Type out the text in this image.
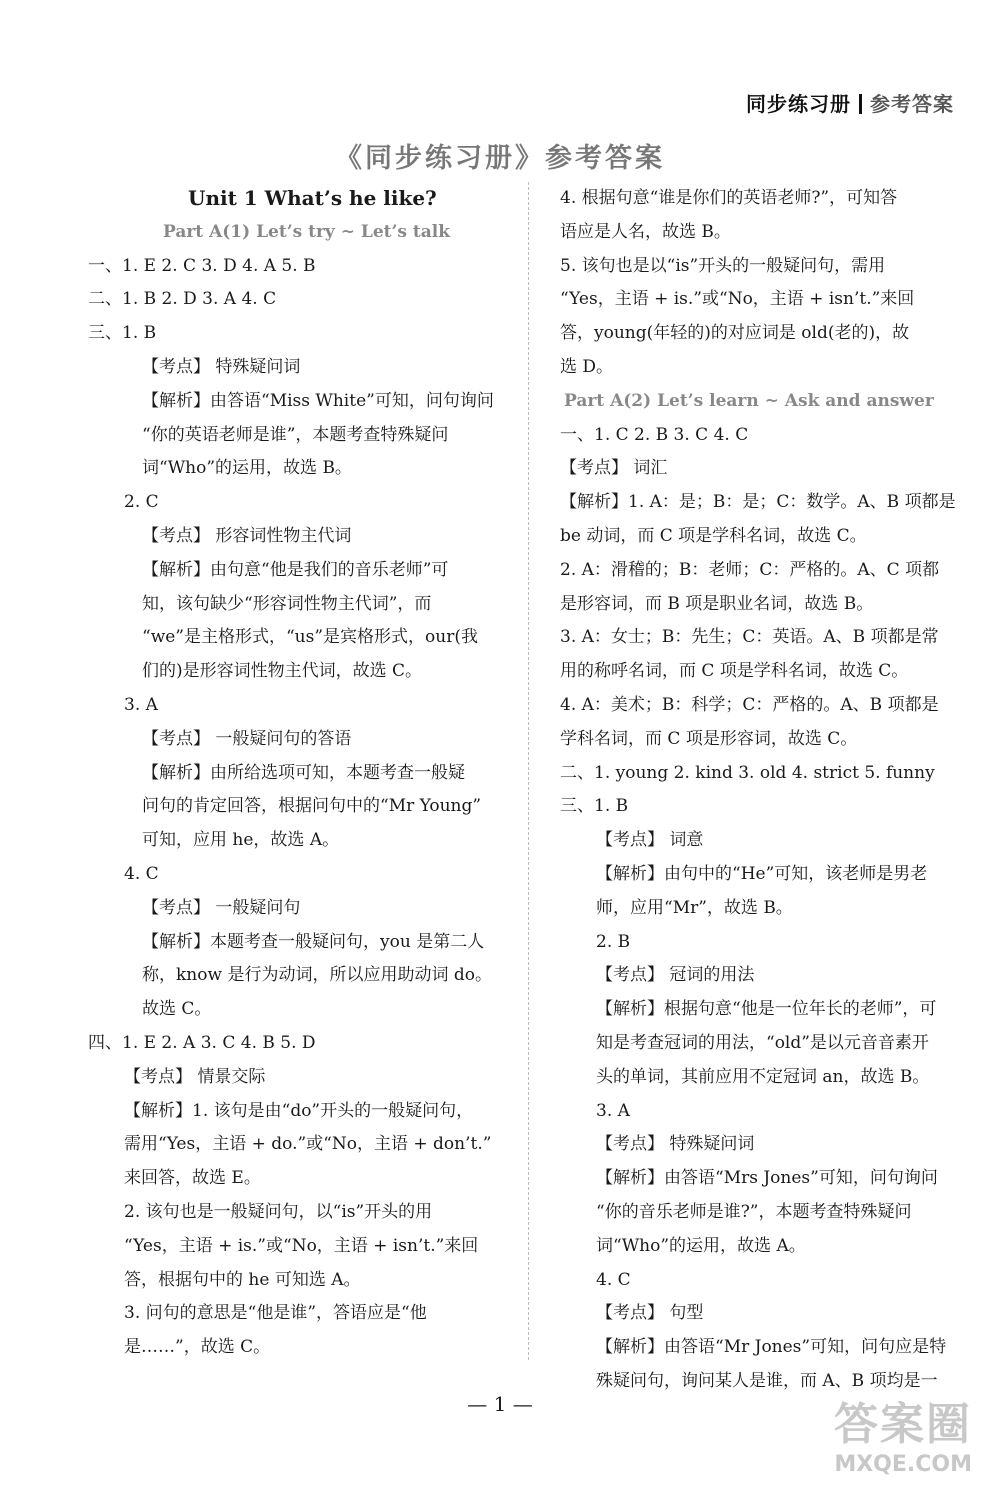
同步练习册 参考答案
《同步练习册》参考答案
Unit 1 What’s he like?
Part A(1) Let’s try ~ Let’s talk
一、1. E 2. C 3. D 4. A 5. B
二、1. B 2. D 3. A 4. C
三、1. B
【考点】 特殊疑问词
【解析】由答语“Miss White”可知，问句询问
“你的英语老师是谁”，本题考查特殊疑问
词“Who”的运用，故选 B。
2. C
【考点】 形容词性物主代词
【解析】由句意“他是我们的音乐老师”可
知，该句缺少“形容词性物主代词”，而
“we”是主格形式，“us”是宾格形式，our(我
们的)是形容词性物主代词，故选 C。
3. A
【考点】 一般疑问句的答语
【解析】由所给选项可知，本题考查一般疑
问句的肯定回答，根据问句中的“Mr Young”
可知，应用 he，故选 A。
4. C
【考点】 一般疑问句
【解析】本题考查一般疑问句，you 是第二人
称，know 是行为动词，所以应用助动词 do。
故选 C。
四、1. E 2. A 3. C 4. B 5. D
【考点】 情景交际
【解析】1. 该句是由“do”开头的一般疑问句，
需用“Yes，主语 + do.”或“No，主语 + don’t.”
来回答，故选 E。
2. 该句也是一般疑问句，以“is”开头的用
“Yes，主语 + is.”或“No，主语 + isn’t.”来回
答，根据句中的 he 可知选 A。
3. 问句的意思是“他是谁”，答语应是“他
是……”，故选 C。
4. 根据句意“谁是你们的英语老师?”，可知答
语应是人名，故选 B。
5. 该句也是以“is”开头的一般疑问句，需用
“Yes，主语 + is.”或“No，主语 + isn’t.”来回
答，young(年轻的)的对应词是 old(老的)，故
选 D。
Part A(2) Let’s learn ~ Ask and answer
一、1. C 2. B 3. C 4. C
【考点】 词汇
【解析】1. A：是；B：是；C：数学。A、B 项都是
be 动词，而 C 项是学科名词，故选 C。
2. A：滑稽的；B：老师；C：严格的。A、C 项都
是形容词，而 B 项是职业名词，故选 B。
3. A：女士；B：先生；C：英语。A、B 项都是常
用的称呼名词，而 C 项是学科名词，故选 C。
4. A：美术；B：科学；C：严格的。A、B 项都是
学科名词，而 C 项是形容词，故选 C。
二、1. young 2. kind 3. old 4. strict 5. funny
三、1. B
【考点】 词意
【解析】由句中的“He”可知，该老师是男老
师，应用“Mr”，故选 B。
2. B
【考点】 冠词的用法
【解析】根据句意“他是一位年长的老师”，可
知是考查冠词的用法，“old”是以元音音素开
头的单词，其前应用不定冠词 an，故选 B。
3. A
【考点】 特殊疑问词
【解析】由答语“Mrs Jones”可知，问句询问
“你的音乐老师是谁?”，本题考查特殊疑问
词“Who”的运用，故选 A。
4. C
【考点】 句型
【解析】由答语“Mr Jones”可知，问句应是特
殊疑问句，询问某人是谁，而 A、B 项均是一
— 1 —	答案圈
MXQE.COM
